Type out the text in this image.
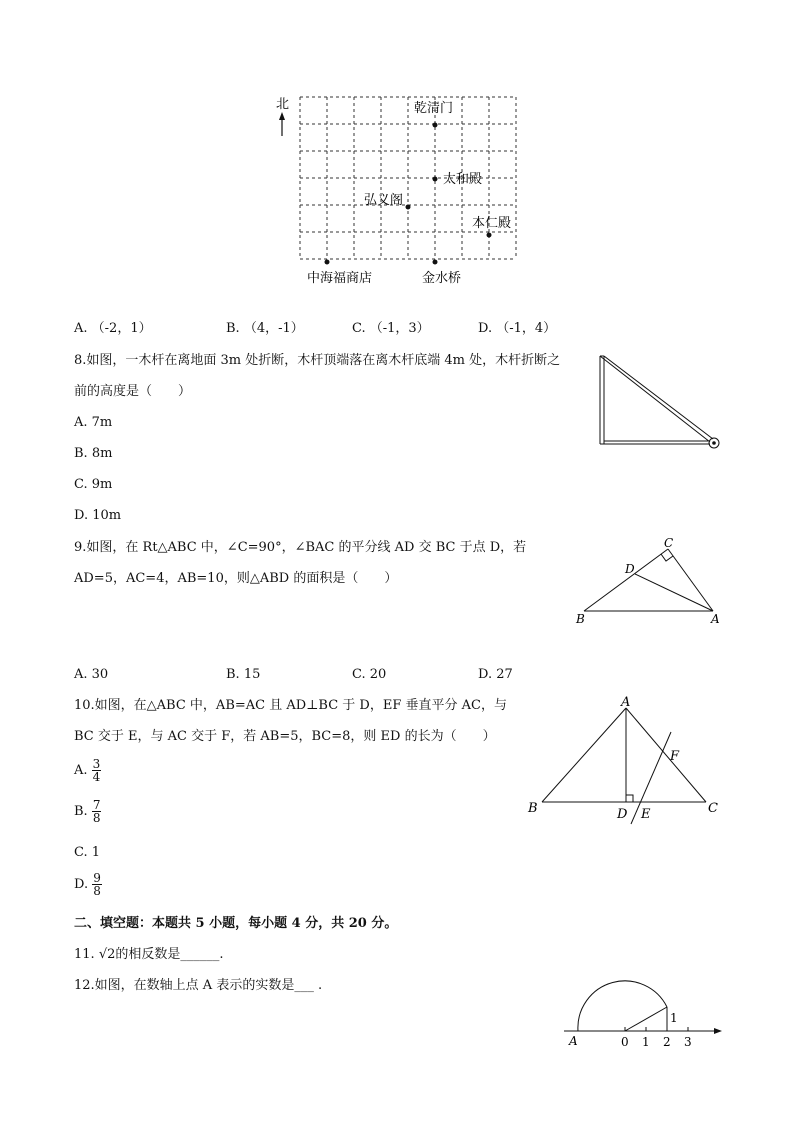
北	乾清门
太和殿
弘义阁
本仁殿
中海福商店	金水桥
A. （-2，1）	B. （4，-1）	C. （-1，3）	D. （-1，4）
8.如图，一木杆在离地面 3m 处折断，木杆顶端落在离木杆底端 4m 处，木杆折断之
前的高度是（　　）
A. 7m
B. 8m
C. 9m
D. 10m
9.如图，在 Rt△ABC 中，∠C=90°，∠BAC 的平分线 AD 交 BC 于点 D，若
AD=5，AC=4，AB=10，则△ABD 的面积是（　　）
C
D
B	A
A. 30	B. 15	C. 20	D. 27
10.如图，在△ABC 中，AB=AC 且 AD⊥BC 于 D，EF 垂直平分 AC，与
BC 交于 E，与 AC 交于 F，若 AB=5，BC=8，则 ED 的长为（　　）
A. $\frac{3}{4}$
B. $\frac{7}{8}$
C. 1
D. $\frac{9}{8}$
A
F
B	D E	C
二、填空题：本题共 5 小题，每小题 4 分，共 20 分。
11. √2的相反数是______.
12.如图，在数轴上点 A 表示的实数是___ .
A	0 1 2 3
1
